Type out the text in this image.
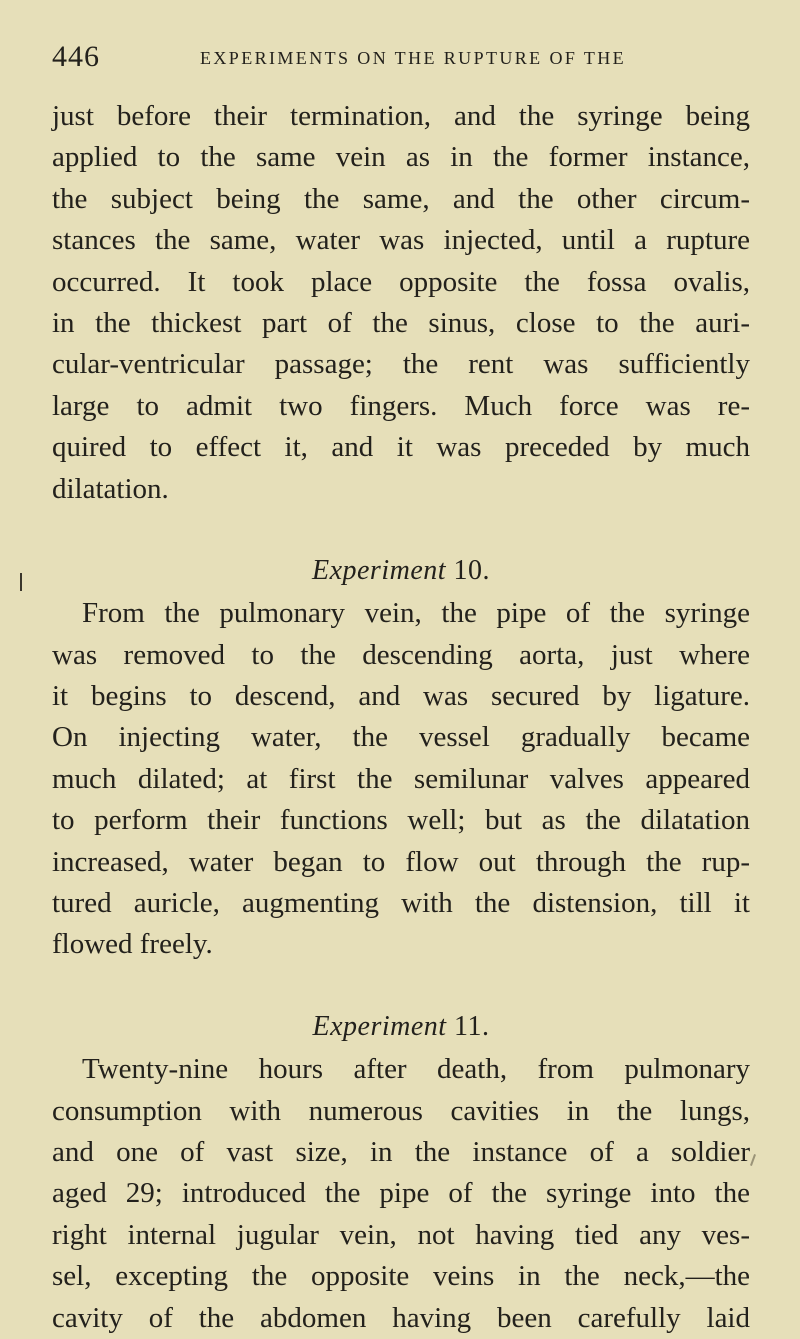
446	EXPERIMENTS ON THE RUPTURE OF THE
just before their termination, and the syringe being
applied to the same vein as in the former instance,
the subject being the same, and the other circum-
stances the same, water was injected, until a rupture
occurred. It took place opposite the fossa ovalis,
in the thickest part of the sinus, close to the auri-
cular-ventricular passage; the rent was sufficiently
large to admit two fingers. Much force was re-
quired to effect it, and it was preceded by much
dilatation.
Experiment 10.
From the pulmonary vein, the pipe of the syringe
was removed to the descending aorta, just where
it begins to descend, and was secured by ligature.
On injecting water, the vessel gradually became
much dilated; at first the semilunar valves appeared
to perform their functions well; but as the dilatation
increased, water began to flow out through the rup-
tured auricle, augmenting with the distension, till it
flowed freely.
Experiment 11.
Twenty-nine hours after death, from pulmonary
consumption with numerous cavities in the lungs,
and one of vast size, in the instance of a soldier
aged 29; introduced the pipe of the syringe into the
right internal jugular vein, not having tied any ves-
sel, excepting the opposite veins in the neck,—the
cavity of the abdomen having been carefully laid
